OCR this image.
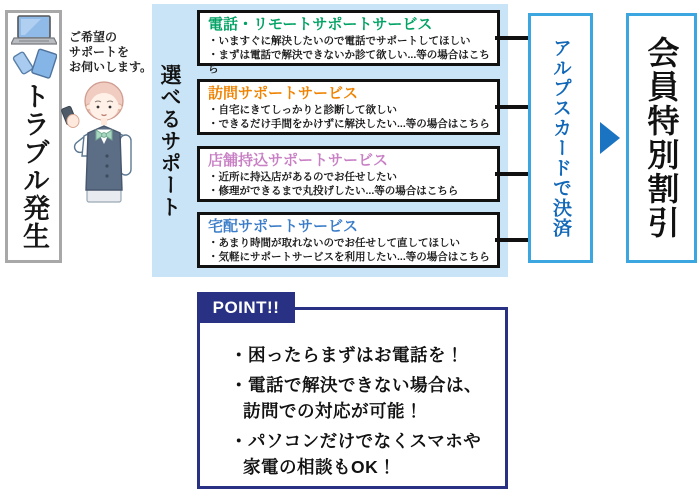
トラブル発生
ご希望の
サポートを
お伺いします。 選べるサポート
電話・リモートサポートサービス
・いますぐに解決したいので電話でサポートしてほしい
・まずは電話で解決できないか診て欲しい...等の場合はこちら
訪問サポートサービス
・自宅にきてしっかりと診断して欲しい
・できるだけ手間をかけずに解決したい...等の場合はこちら
店舗持込サポートサービス
・近所に持込店があるのでお任せしたい
・修理ができるまで丸投げしたい...等の場合はこちら
宅配サポートサービス
・あまり時間が取れないのでお任せして直してほしい
・気軽にサポートサービスを利用したい...等の場合はこちら
アルプスカードで決済 会員特別割引
POINT!!
・困ったらまずはお電話を！
・電話で解決できない場合は、
訪問での対応が可能！
・パソコンだけでなくスマホや
家電の相談もOK！
